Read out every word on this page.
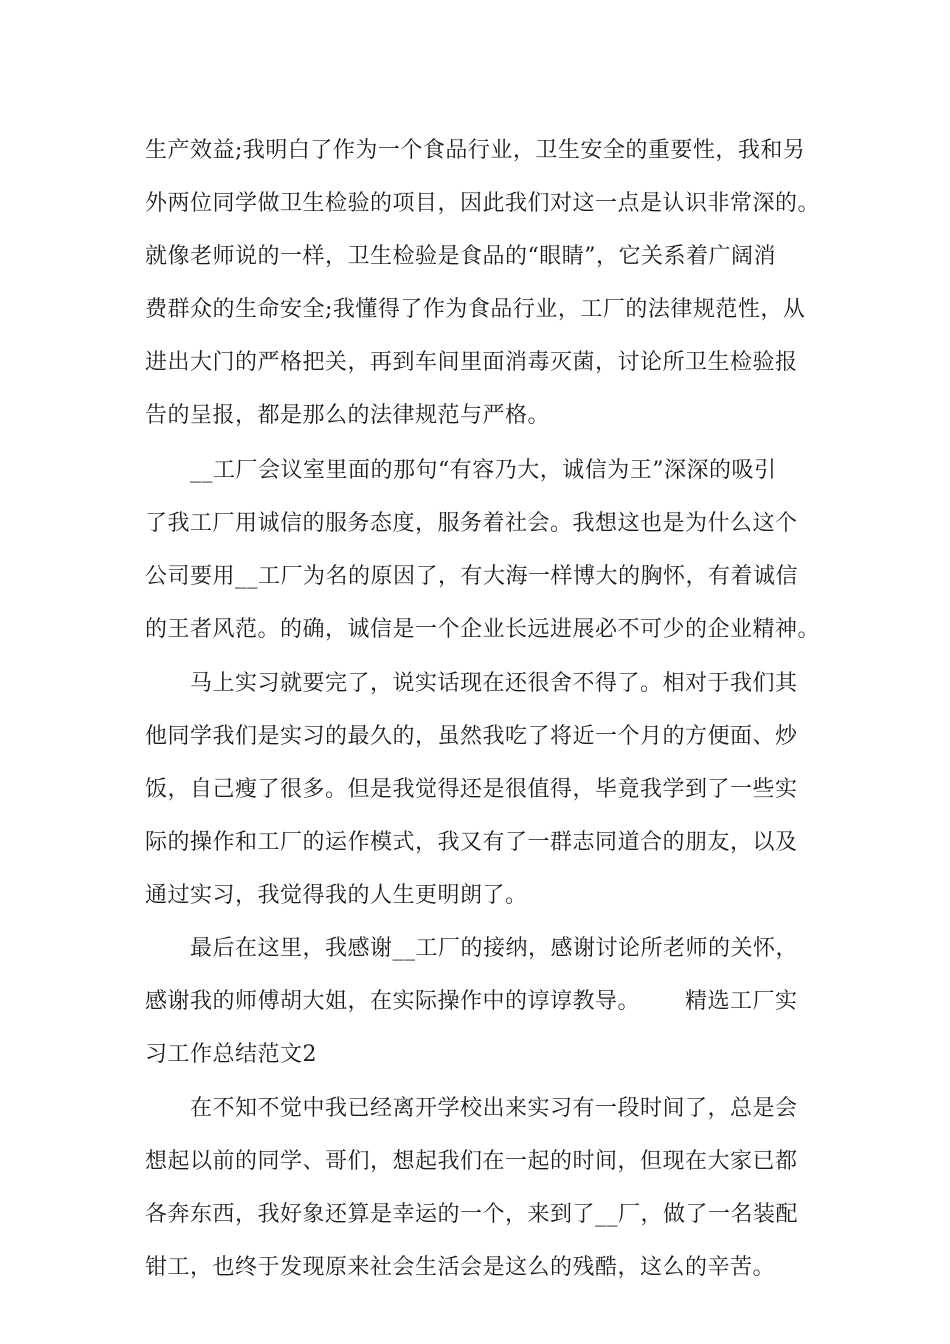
生产效益;我明白了作为一个食品行业，卫生安全的重要性，我和另
外两位同学做卫生检验的项目，因此我们对这一点是认识非常深的。
就像老师说的一样，卫生检验是食品的“眼睛”，它关系着广阔消
费群众的生命安全;我懂得了作为食品行业，工厂的法律规范性，从
进出大门的严格把关，再到车间里面消毒灭菌，讨论所卫生检验报
告的呈报，都是那么的法律规范与严格。
__工厂会议室里面的那句“有容乃大，诚信为王”深深的吸引
了我工厂用诚信的服务态度，服务着社会。我想这也是为什么这个
公司要用__工厂为名的原因了，有大海一样博大的胸怀，有着诚信
的王者风范。的确，诚信是一个企业长远进展必不可少的企业精神。
马上实习就要完了，说实话现在还很舍不得了。相对于我们其
他同学我们是实习的最久的，虽然我吃了将近一个月的方便面、炒
饭，自己瘦了很多。但是我觉得还是很值得，毕竟我学到了一些实
际的操作和工厂的运作模式，我又有了一群志同道合的朋友，以及
通过实习，我觉得我的人生更明朗了。
最后在这里，我感谢__工厂的接纳，感谢讨论所老师的关怀，
感谢我的师傅胡大姐，在实际操作中的谆谆教导。      精选工厂实
习工作总结范文2
在不知不觉中我已经离开学校出来实习有一段时间了，总是会
想起以前的同学、哥们，想起我们在一起的时间，但现在大家已都
各奔东西，我好象还算是幸运的一个，来到了__厂，做了一名装配
钳工，也终于发现原来社会生活会是这么的残酷，这么的辛苦。
